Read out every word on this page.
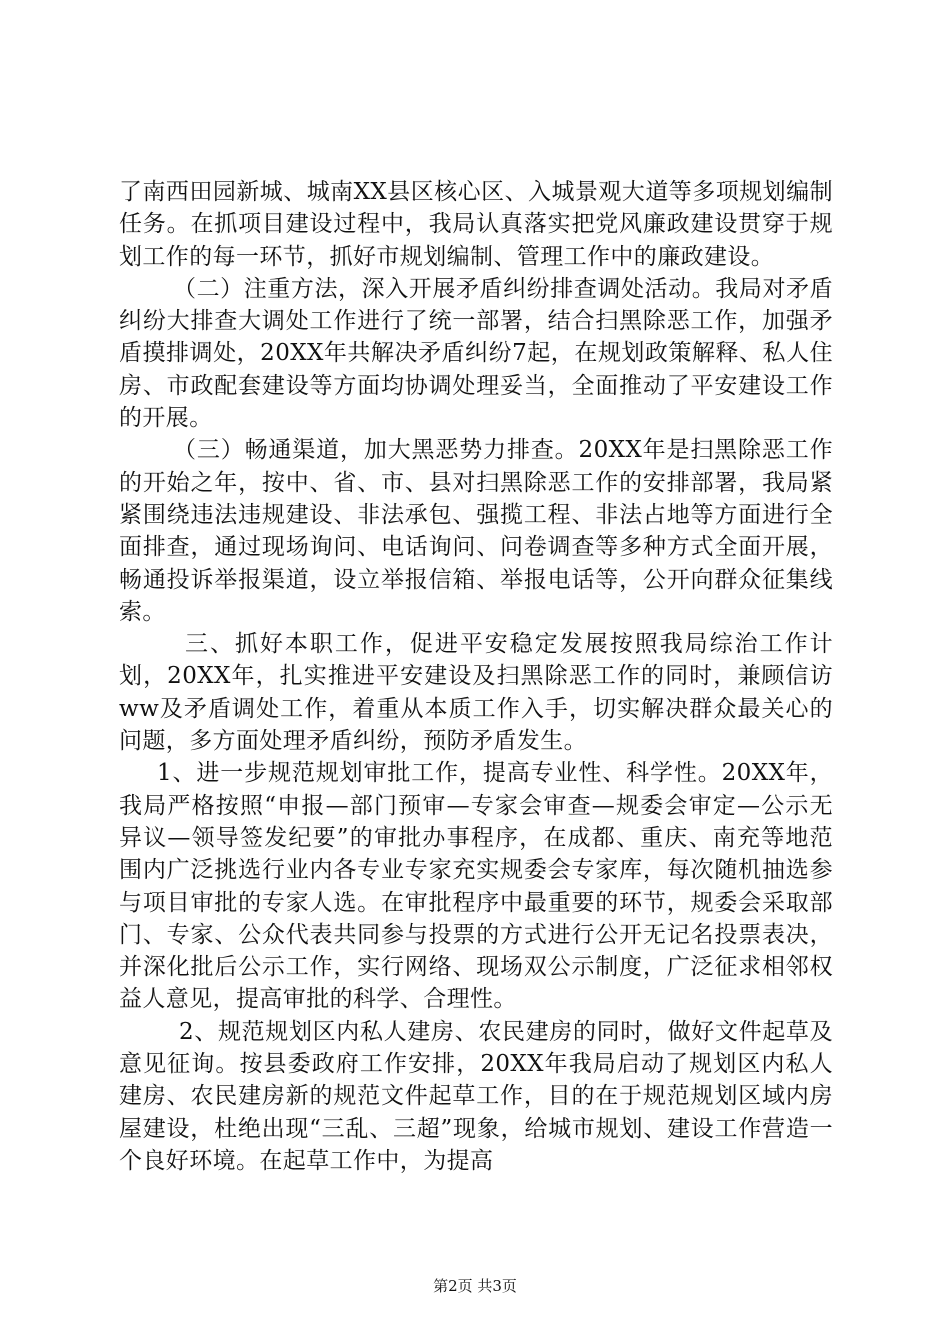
了南西田园新城、城南XX县区核心区、入城景观大道等多项规划编制任务。在抓项目建设过程中，我局认真落实把党风廉政建设贯穿于规划工作的每一环节，抓好市规划编制、管理工作中的廉政建设。

（二）注重方法，深入开展矛盾纠纷排查调处活动。我局对矛盾纠纷大排查大调处工作进行了统一部署，结合扫黑除恶工作，加强矛盾摸排调处，20XX年共解决矛盾纠纷7起，在规划政策解释、私人住房、市政配套建设等方面均协调处理妥当，全面推动了平安建设工作的开展。

（三）畅通渠道，加大黑恶势力排查。20XX年是扫黑除恶工作的开始之年，按中、省、市、县对扫黑除恶工作的安排部署，我局紧紧围绕违法违规建设、非法承包、强揽工程、非法占地等方面进行全面排查，通过现场询问、电话询问、问卷调查等多种方式全面开展，畅通投诉举报渠道，设立举报信箱、举报电话等，公开向群众征集线索。

三、抓好本职工作，促进平安稳定发展按照我局综治工作计划，20XX年，扎实推进平安建设及扫黑除恶工作的同时，兼顾信访ww及矛盾调处工作，着重从本质工作入手，切实解决群众最关心的问题，多方面处理矛盾纠纷，预防矛盾发生。

1、进一步规范规划审批工作，提高专业性、科学性。20XX年，我局严格按照“申报—部门预审—专家会审查—规委会审定—公示无异议—领导签发纪要”的审批办事程序，在成都、重庆、南充等地范围内广泛挑选行业内各专业专家充实规委会专家库，每次随机抽选参与项目审批的专家人选。在审批程序中最重要的环节，规委会采取部门、专家、公众代表共同参与投票的方式进行公开无记名投票表决，并深化批后公示工作，实行网络、现场双公示制度，广泛征求相邻权益人意见，提高审批的科学、合理性。

2、规范规划区内私人建房、农民建房的同时，做好文件起草及意见征询。按县委政府工作安排，20XX年我局启动了规划区内私人建房、农民建房新的规范文件起草工作，目的在于规范规划区域内房屋建设，杜绝出现“三乱、三超”现象，给城市规划、建设工作营造一个良好环境。在起草工作中，为提高

第2页 共3页
